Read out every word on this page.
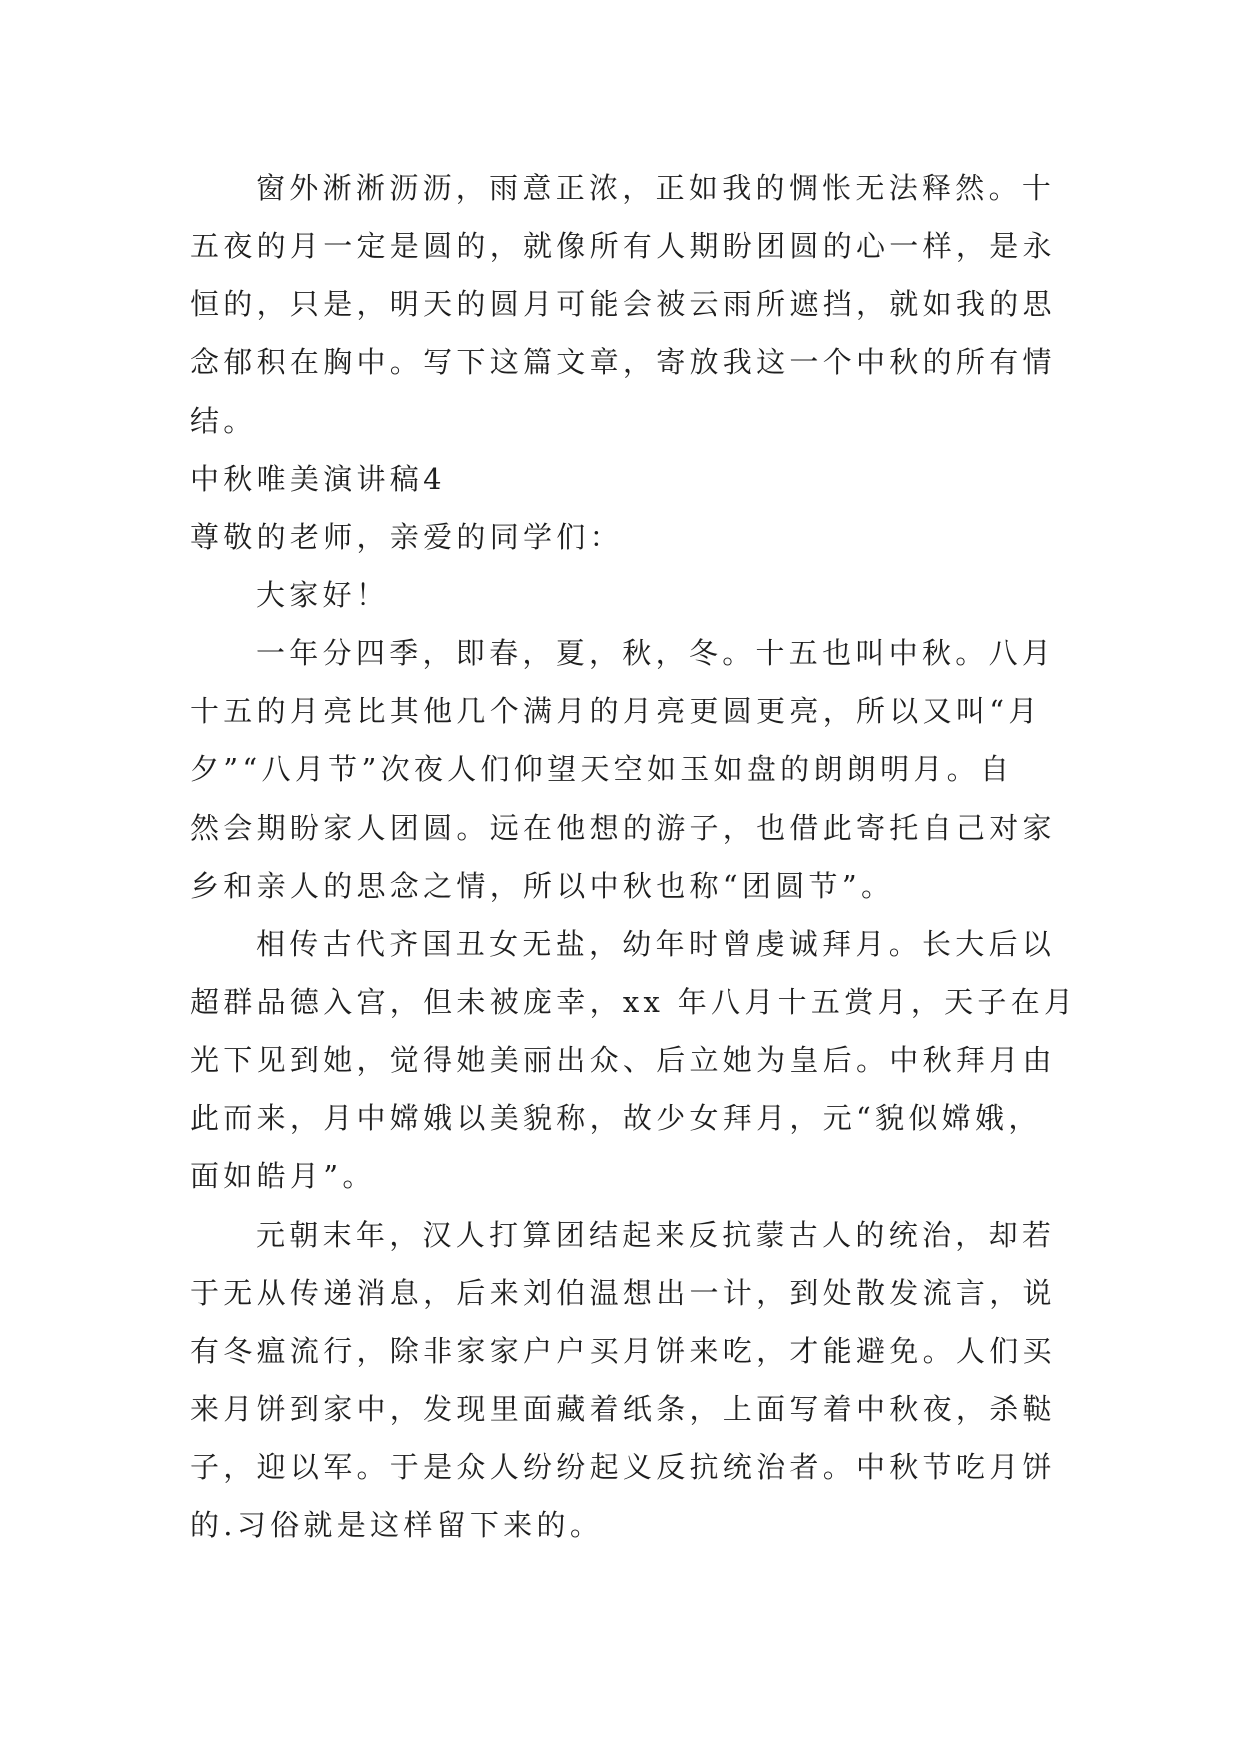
窗外淅淅沥沥，雨意正浓，正如我的惆怅无法释然。十
五夜的月一定是圆的，就像所有人期盼团圆的心一样，是永
恒的，只是，明天的圆月可能会被云雨所遮挡，就如我的思
念郁积在胸中。写下这篇文章，寄放我这一个中秋的所有情
结。
中秋唯美演讲稿4
尊敬的老师，亲爱的同学们：
大家好！
一年分四季，即春，夏，秋，冬。十五也叫中秋。八月
十五的月亮比其他几个满月的月亮更圆更亮，所以又叫“月
夕”“八月节”次夜人们仰望天空如玉如盘的朗朗明月。自
然会期盼家人团圆。远在他想的游子，也借此寄托自己对家
乡和亲人的思念之情，所以中秋也称“团圆节”。
相传古代齐国丑女无盐，幼年时曾虔诚拜月。长大后以
超群品德入宫，但未被庞幸，xx 年八月十五赏月，天子在月
光下见到她，觉得她美丽出众、后立她为皇后。中秋拜月由
此而来，月中嫦娥以美貌称，故少女拜月，元“貌似嫦娥，
面如皓月”。
元朝末年，汉人打算团结起来反抗蒙古人的统治，却若
于无从传递消息，后来刘伯温想出一计，到处散发流言，说
有冬瘟流行，除非家家户户买月饼来吃，才能避免。人们买
来月饼到家中，发现里面藏着纸条，上面写着中秋夜，杀鞑
子，迎以军。于是众人纷纷起义反抗统治者。中秋节吃月饼
的.习俗就是这样留下来的。
